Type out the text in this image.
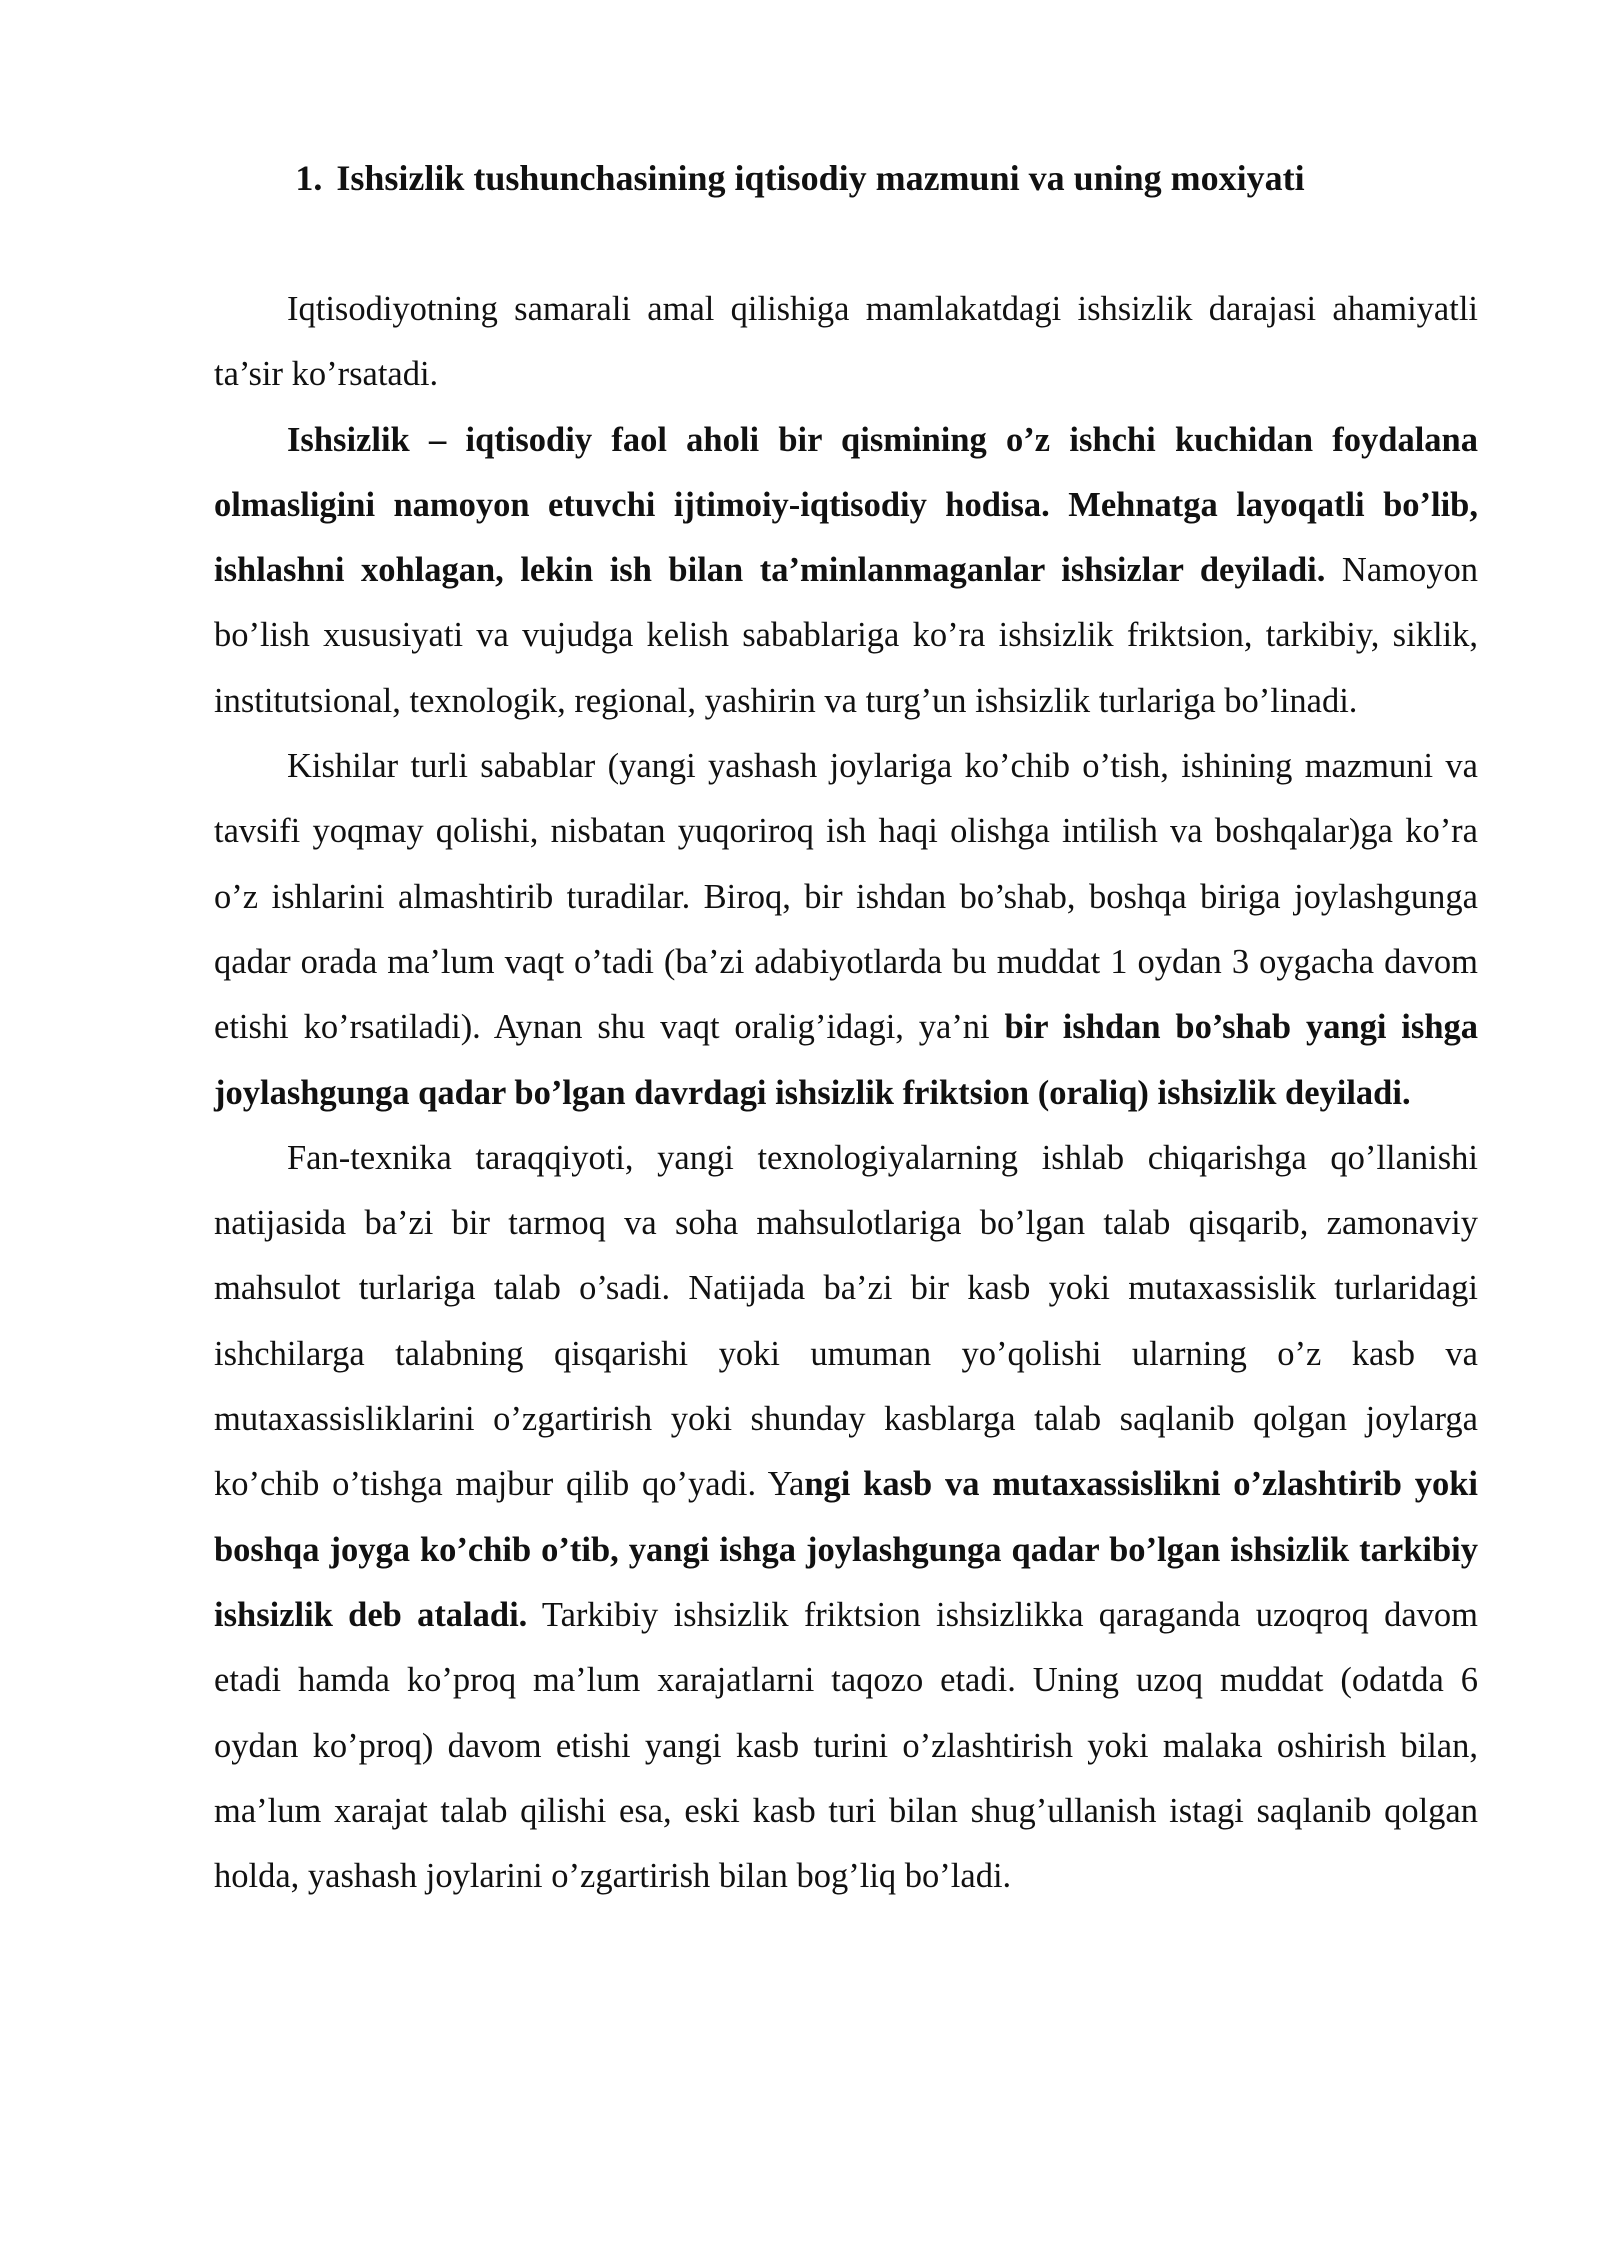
1. Ishsizlik tushunchasining iqtisodiy mazmuni va uning moxiyati

Iqtisodiyotning samarali amal qilishiga mamlakatdagi ishsizlik darajasi ahamiyatli ta’sir ko’rsatadi.

Ishsizlik – iqtisodiy faol aholi bir qismining o’z ishchi kuchidan foydalana olmasligini namoyon etuvchi ijtimoiy-iqtisodiy hodisa. Mehnatga layoqatli bo’lib, ishlashni xohlagan, lekin ish bilan ta’minlanmaganlar ishsizlar deyiladi. Namoyon bo’lish xususiyati va vujudga kelish sabablariga ko’ra ishsizlik friktsion, tarkibiy, siklik, institutsional, texnologik, regional, yashirin va turg’un ishsizlik turlariga bo’linadi.

Kishilar turli sabablar (yangi yashash joylariga ko’chib o’tish, ishining mazmuni va tavsifi yoqmay qolishi, nisbatan yuqoriroq ish haqi olishga intilish va boshqalar)ga ko’ra o’z ishlarini almashtirib turadilar. Biroq, bir ishdan bo’shab, boshqa biriga joylashgunga qadar orada ma’lum vaqt o’tadi (ba’zi adabiyotlarda bu muddat 1 oydan 3 oygacha davom etishi ko’rsatiladi). Aynan shu vaqt oralig’idagi, ya’ni bir ishdan bo’shab yangi ishga joylashgunga qadar bo’lgan davrdagi ishsizlik friktsion (oraliq) ishsizlik deyiladi.

Fan-texnika taraqqiyoti, yangi texnologiyalarning ishlab chiqarishga qo’llanishi natijasida ba’zi bir tarmoq va soha mahsulotlariga bo’lgan talab qisqarib, zamonaviy mahsulot turlariga talab o’sadi. Natijada ba’zi bir kasb yoki mutaxassislik turlaridagi ishchilarga talabning qisqarishi yoki umuman yo’qolishi ularning o’z kasb va mutaxassisliklarini o’zgartirish yoki shunday kasblarga talab saqlanib qolgan joylarga ko’chib o’tishga majbur qilib qo’yadi. Yangi kasb va mutaxassislikni o’zlashtirib yoki boshqa joyga ko’chib o’tib, yangi ishga joylashgunga qadar bo’lgan ishsizlik tarkibiy ishsizlik deb ataladi. Tarkibiy ishsizlik friktsion ishsizlikka qaraganda uzoqroq davom etadi hamda ko’proq ma’lum xarajatlarni taqozo etadi. Uning uzoq muddat (odatda 6 oydan ko’proq) davom etishi yangi kasb turini o’zlashtirish yoki malaka oshirish bilan, ma’lum xarajat talab qilishi esa, eski kasb turi bilan shug’ullanish istagi saqlanib qolgan holda, yashash joylarini o’zgartirish bilan bog’liq bo’ladi.
